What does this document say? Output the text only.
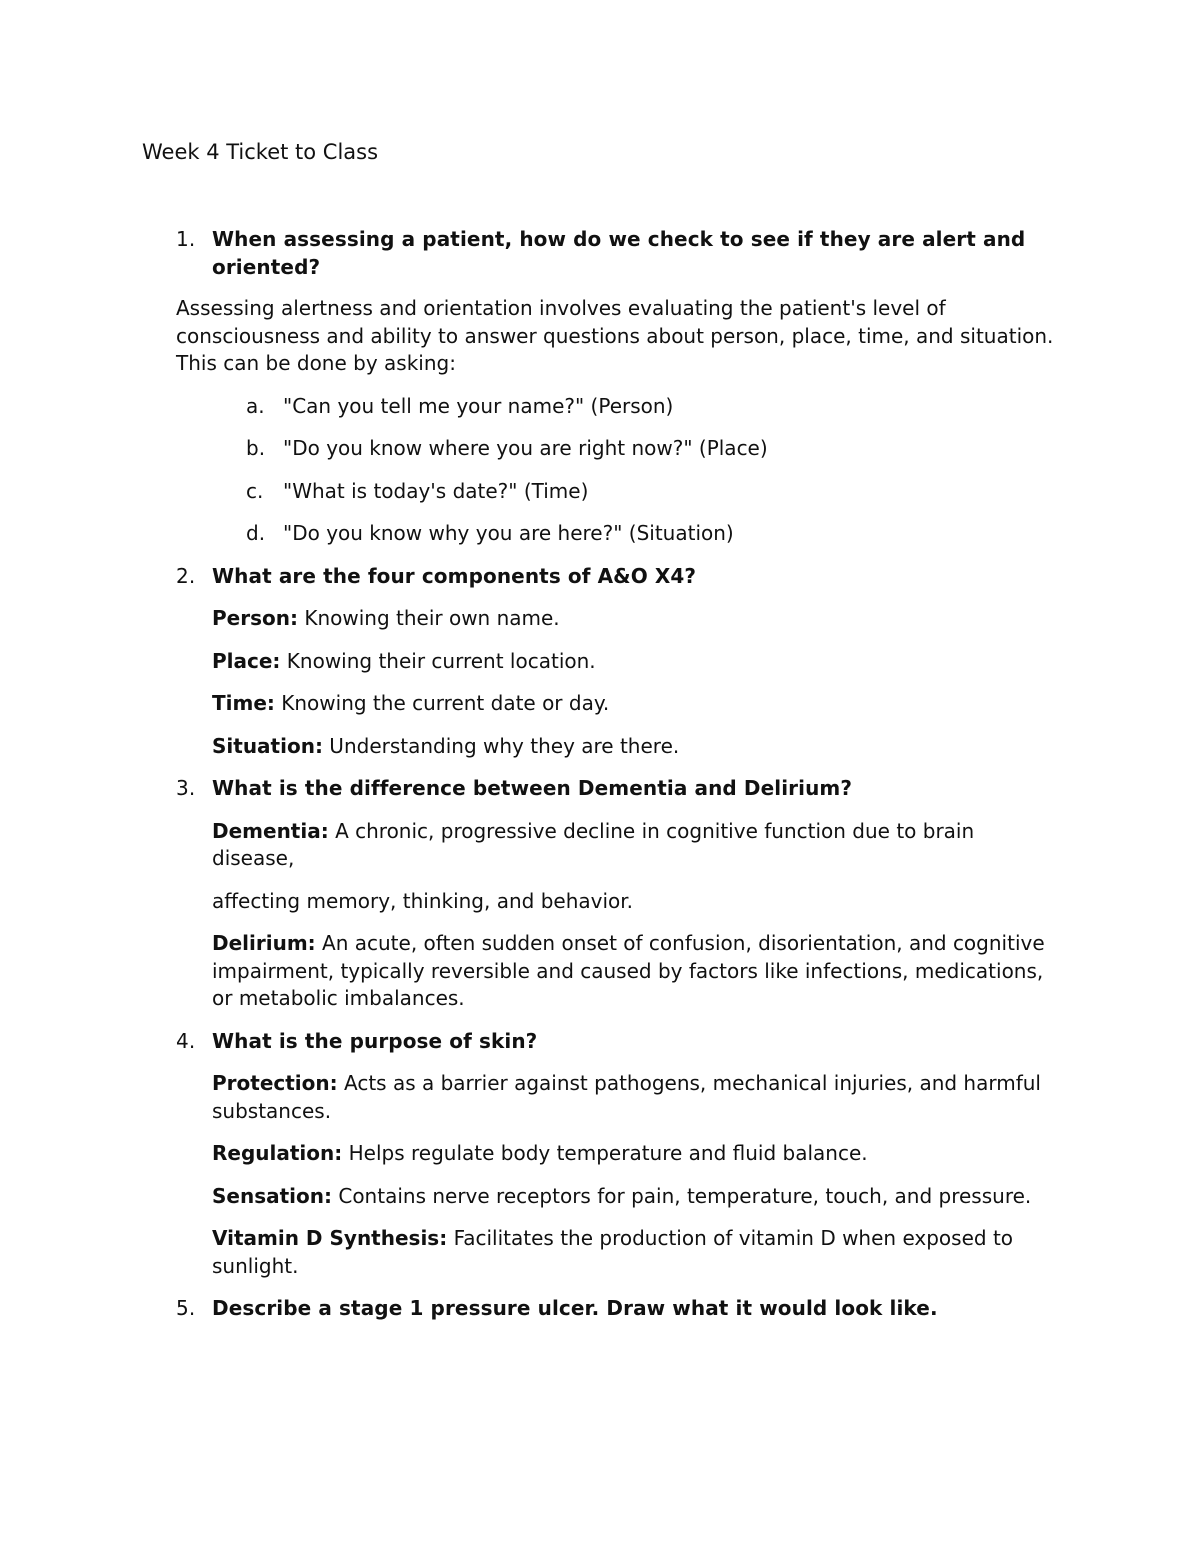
Week 4 Ticket to Class
1. When assessing a patient, how do we check to see if they are alert and oriented?
Assessing alertness and orientation involves evaluating the patient's level of consciousness and ability to answer questions about person, place, time, and situation. This can be done by asking:
a. "Can you tell me your name?" (Person)
b. "Do you know where you are right now?" (Place)
c. "What is today's date?" (Time)
d. "Do you know why you are here?" (Situation)
2. What are the four components of A&O X4?
Person: Knowing their own name.
Place: Knowing their current location.
Time: Knowing the current date or day.
Situation: Understanding why they are there.
3. What is the difference between Dementia and Delirium?
Dementia: A chronic, progressive decline in cognitive function due to brain disease,
affecting memory, thinking, and behavior.
Delirium: An acute, often sudden onset of confusion, disorientation, and cognitive impairment, typically reversible and caused by factors like infections, medications, or metabolic imbalances.
4. What is the purpose of skin?
Protection: Acts as a barrier against pathogens, mechanical injuries, and harmful substances.
Regulation: Helps regulate body temperature and fluid balance.
Sensation: Contains nerve receptors for pain, temperature, touch, and pressure.
Vitamin D Synthesis: Facilitates the production of vitamin D when exposed to sunlight.
5. Describe a stage 1 pressure ulcer. Draw what it would look like.
